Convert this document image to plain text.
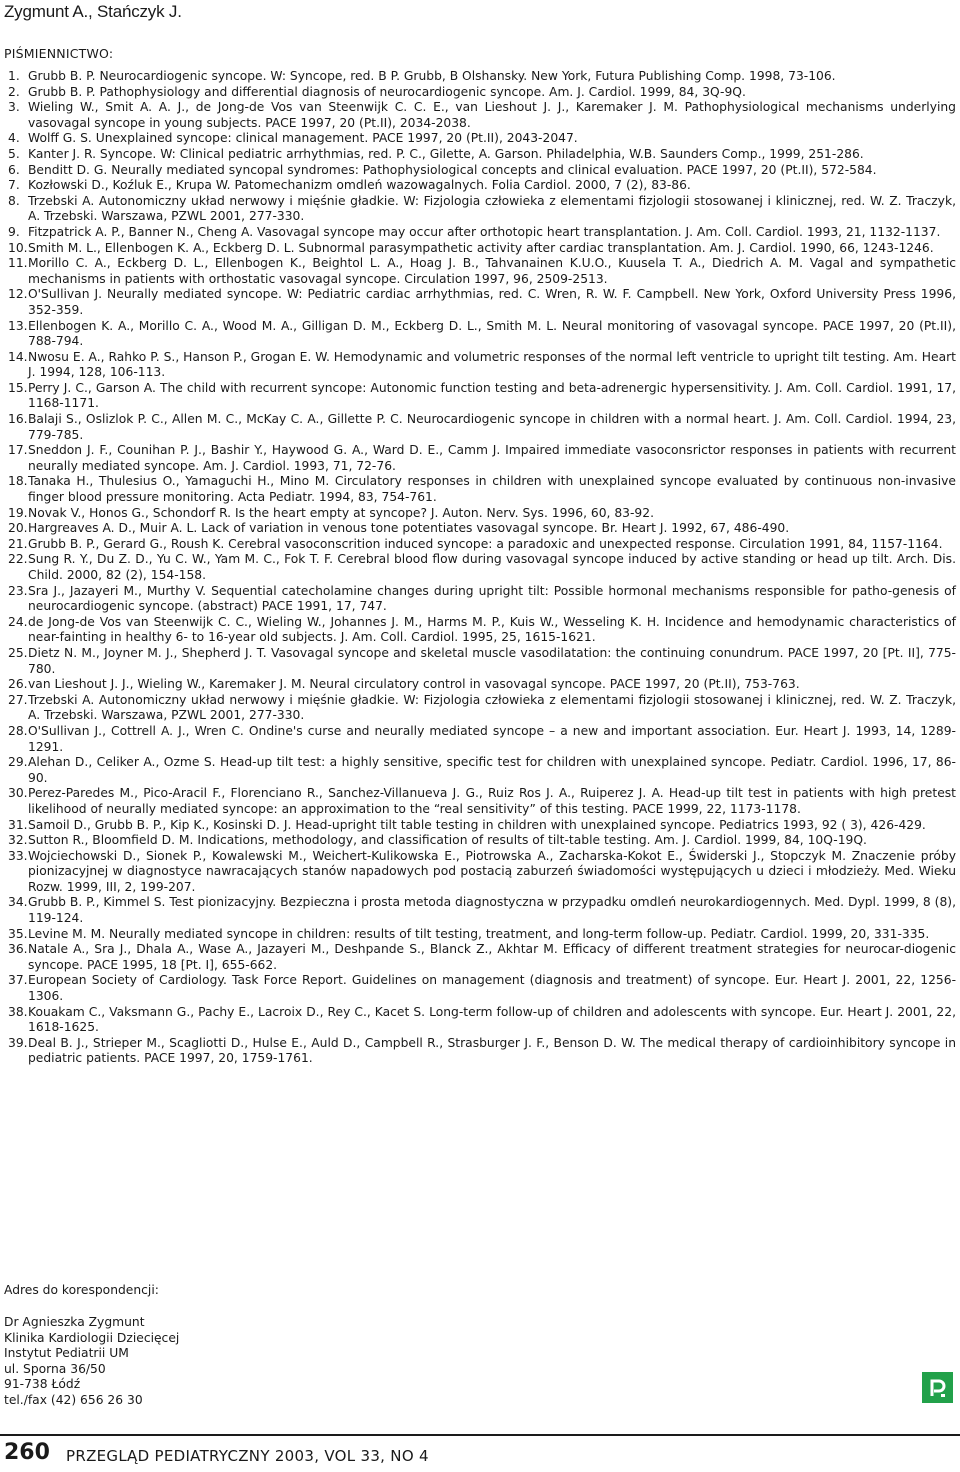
Zygmunt A., Stańczyk J.
PIŚMIENNICTWO:
1. Grubb B. P. Neurocardiogenic syncope. W: Syncope, red. B P. Grubb, B Olshansky. New York, Futura Publishing Comp. 1998, 73-106.
2. Grubb B. P. Pathophysiology and differential diagnosis of neurocardiogenic syncope. Am. J. Cardiol. 1999, 84, 3Q-9Q.
3. Wieling W., Smit A. A. J., de Jong-de Vos van Steenwijk C. C. E., van Lieshout J. J., Karemaker J. M. Pathophysiological mechanisms underlying vasovagal syncope in young subjects. PACE 1997, 20 (Pt.II), 2034-2038.
4. Wolff G. S. Unexplained syncope: clinical management. PACE 1997, 20 (Pt.II), 2043-2047.
5. Kanter J. R. Syncope. W: Clinical pediatric arrhythmias, red. P. C., Gilette, A. Garson. Philadelphia, W.B. Saunders Comp., 1999, 251-286.
6. Benditt D. G. Neurally mediated syncopal syndromes: Pathophysiological concepts and clinical evaluation. PACE 1997, 20 (Pt.II), 572-584.
7. Kozłowski D., Koźluk E., Krupa W. Patomechanizm omdleń wazowagalnych. Folia Cardiol. 2000, 7 (2), 83-86.
8. Trzebski A. Autonomiczny układ nerwowy i mięśnie gładkie. W: Fizjologia człowieka z elementami fizjologii stosowanej i klinicznej, red. W. Z. Traczyk, A. Trzebski. Warszawa, PZWL 2001, 277-330.
9. Fitzpatrick A. P., Banner N., Cheng A. Vasovagal syncope may occur after orthotopic heart transplantation. J. Am. Coll. Cardiol. 1993, 21, 1132-1137.
10. Smith M. L., Ellenbogen K. A., Eckberg D. L. Subnormal parasympathetic activity after cardiac transplantation. Am. J. Cardiol. 1990, 66, 1243-1246.
11. Morillo C. A., Eckberg D. L., Ellenbogen K., Beightol L. A., Hoag J. B., Tahvanainen K.U.O., Kuusela T. A., Diedrich A. M. Vagal and sympathetic mechanisms in patients with orthostatic vasovagal syncope. Circulation 1997, 96, 2509-2513.
12. O'Sullivan J. Neurally mediated syncope. W: Pediatric cardiac arrhythmias, red. C. Wren, R. W. F. Campbell. New York, Oxford University Press 1996, 352-359.
13. Ellenbogen K. A., Morillo C. A., Wood M. A., Gilligan D. M., Eckberg D. L., Smith M. L. Neural monitoring of vasovagal syncope. PACE 1997, 20 (Pt.II), 788-794.
14. Nwosu E. A., Rahko P. S., Hanson P., Grogan E. W. Hemodynamic and volumetric responses of the normal left ventricle to upright tilt testing. Am. Heart J. 1994, 128, 106-113.
15. Perry J. C., Garson A. The child with recurrent syncope: Autonomic function testing and beta-adrenergic hypersensitivity. J. Am. Coll. Cardiol. 1991, 17, 1168-1171.
16. Balaji S., Oslizlok P. C., Allen M. C., McKay C. A., Gillette P. C. Neurocardiogenic syncope in children with a normal heart. J. Am. Coll. Cardiol. 1994, 23, 779-785.
17. Sneddon J. F., Counihan P. J., Bashir Y., Haywood G. A., Ward D. E., Camm J. Impaired immediate vasoconsrictor responses in patients with recurrent neurally mediated syncope. Am. J. Cardiol. 1993, 71, 72-76.
18. Tanaka H., Thulesius O., Yamaguchi H., Mino M. Circulatory responses in children with unexplained syncope evaluated by continuous non-invasive finger blood pressure monitoring. Acta Pediatr. 1994, 83, 754-761.
19. Novak V., Honos G., Schondorf R. Is the heart empty at syncope? J. Auton. Nerv. Sys. 1996, 60, 83-92.
20. Hargreaves A. D., Muir A. L. Lack of variation in venous tone potentiates vasovagal syncope. Br. Heart J. 1992, 67, 486-490.
21. Grubb B. P., Gerard G., Roush K. Cerebral vasoconscrition induced syncope: a paradoxic and unexpected response. Circulation 1991, 84, 1157-1164.
22. Sung R. Y., Du Z. D., Yu C. W., Yam M. C., Fok T. F. Cerebral blood flow during vasovagal syncope induced by active standing or head up tilt. Arch. Dis. Child. 2000, 82 (2), 154-158.
23. Sra J., Jazayeri M., Murthy V. Sequential catecholamine changes during upright tilt: Possible hormonal mechanisms responsible for patho-genesis of neurocardiogenic syncope. (abstract) PACE 1991, 17, 747.
24. de Jong-de Vos van Steenwijk C. C., Wieling W., Johannes J. M., Harms M. P., Kuis W., Wesseling K. H. Incidence and hemodynamic characteristics of near-fainting in healthy 6- to 16-year old subjects. J. Am. Coll. Cardiol. 1995, 25, 1615-1621.
25. Dietz N. M., Joyner M. J., Shepherd J. T. Vasovagal syncope and skeletal muscle vasodilatation: the continuing conundrum. PACE 1997, 20 [Pt. II], 775-780.
26. van Lieshout J. J., Wieling W., Karemaker J. M. Neural circulatory control in vasovagal syncope. PACE 1997, 20 (Pt.II), 753-763.
27. Trzebski A. Autonomiczny układ nerwowy i mięśnie gładkie. W: Fizjologia człowieka z elementami fizjologii stosowanej i klinicznej, red. W. Z. Traczyk, A. Trzebski. Warszawa, PZWL 2001, 277-330.
28. O'Sullivan J., Cottrell A. J., Wren C. Ondine's curse and neurally mediated syncope – a new and important association. Eur. Heart J. 1993, 14, 1289-1291.
29. Alehan D., Celiker A., Ozme S. Head-up tilt test: a highly sensitive, specific test for children with unexplained syncope. Pediatr. Cardiol. 1996, 17, 86-90.
30. Perez-Paredes M., Pico-Aracil F., Florenciano R., Sanchez-Villanueva J. G., Ruiz Ros J. A., Ruiperez J. A. Head-up tilt test in patients with high pretest likelihood of neurally mediated syncope: an approximation to the “real sensitivity” of this testing. PACE 1999, 22, 1173-1178.
31. Samoil D., Grubb B. P., Kip K., Kosinski D. J. Head-upright tilt table testing in children with unexplained syncope. Pediatrics 1993, 92 ( 3), 426-429.
32. Sutton R., Bloomfield D. M. Indications, methodology, and classification of results of tilt-table testing. Am. J. Cardiol. 1999, 84, 10Q-19Q.
33. Wojciechowski D., Sionek P., Kowalewski M., Weichert-Kulikowska E., Piotrowska A., Zacharska-Kokot E., Świderski J., Stopczyk M. Znaczenie próby pionizacyjnej w diagnostyce nawracających stanów napadowych pod postacią zaburzeń świadomości występujących u dzieci i młodzieży. Med. Wieku Rozw. 1999, III, 2, 199-207.
34. Grubb B. P., Kimmel S. Test pionizacyjny. Bezpieczna i prosta metoda diagnostyczna w przypadku omdleń neurokardiogennych. Med. Dypl. 1999, 8 (8), 119-124.
35. Levine M. M. Neurally mediated syncope in children: results of tilt testing, treatment, and long-term follow-up. Pediatr. Cardiol. 1999, 20, 331-335.
36. Natale A., Sra J., Dhala A., Wase A., Jazayeri M., Deshpande S., Blanck Z., Akhtar M. Efficacy of different treatment strategies for neurocar-diogenic syncope. PACE 1995, 18 [Pt. I], 655-662.
37. European Society of Cardiology. Task Force Report. Guidelines on management (diagnosis and treatment) of syncope. Eur. Heart J. 2001, 22, 1256-1306.
38. Kouakam C., Vaksmann G., Pachy E., Lacroix D., Rey C., Kacet S. Long-term follow-up of children and adolescents with syncope. Eur. Heart J. 2001, 22, 1618-1625.
39. Deal B. J., Strieper M., Scagliotti D., Hulse E., Auld D., Campbell R., Strasburger J. F., Benson D. W. The medical therapy of cardioinhibitory syncope in pediatric patients. PACE 1997, 20, 1759-1761.
Adres do korespondencji:
Dr Agnieszka Zygmunt
Klinika Kardiologii Dziecięcej
Instytut Pediatrii UM
ul. Sporna 36/50
91-738 Łódź
tel./fax (42) 656 26 30
260 PRZEGLĄD PEDIATRYCZNY 2003, VOL 33, NO 4
